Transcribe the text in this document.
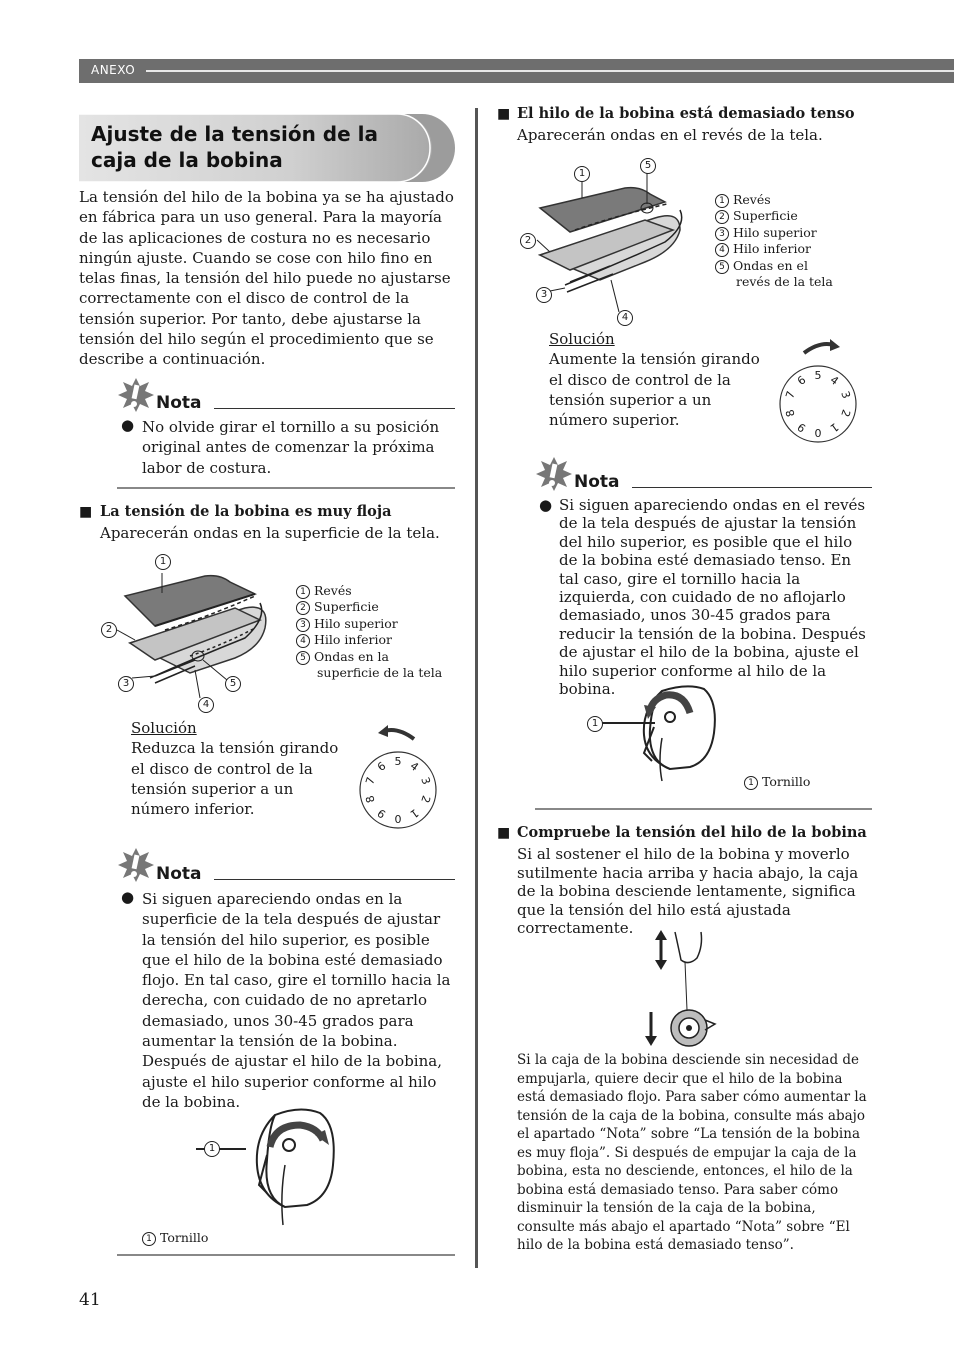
ANEXO
Ajuste de la tensión de la
caja de la bobina
La tensión del hilo de la bobina ya se ha ajustado en fábrica para un uso general. Para la mayoría de las aplicaciones de costura no es necesario ningún ajuste. Cuando se cose con hilo fino en telas finas, la tensión del hilo puede no ajustarse correctamente con el disco de control de la tensión superior. Por tanto, debe ajustarse la tensión del hilo según el procedimiento que se describe a continuación.
Nota
● No olvide girar el tornillo a su posición original antes de comenzar la próxima labor de costura.
■ La tensión de la bobina es muy floja
Aparecerán ondas en la superficie de la tela.
1
2
3
4
5
1 Revés
2 Superficie
3 Hilo superior
4 Hilo inferior
5 Ondas en la
superficie de la tela
Solución
Reduzca la tensión girando
el disco de control de la
tensión superior a un
número inferior.
5 4
3
2
1
0
9
8
7
6
Nota
● Si siguen apareciendo ondas en la superficie de la tela después de ajustar la tensión del hilo superior, es posible que el hilo de la bobina esté demasiado flojo. En tal caso, gire el tornillo hacia la derecha, con cuidado de no apretarlo demasiado, unos 30-45 grados para aumentar la tensión de la bobina. Después de ajustar el hilo de la bobina, ajuste el hilo superior conforme al hilo de la bobina.
1
1 Tornillo
41
■ El hilo de la bobina está demasiado tenso
Aparecerán ondas en el revés de la tela.
1
5
2
3
4
1 Revés
2 Superficie
3 Hilo superior
4 Hilo inferior
5 Ondas en el
revés de la tela
Solución
Aumente la tensión girando
el disco de control de la
tensión superior a un
número superior.
5 4
3
2
1
0
9
8
7
6
Nota
● Si siguen apareciendo ondas en el revés de la tela después de ajustar la tensión del hilo superior, es posible que el hilo de la bobina esté demasiado tenso. En tal caso, gire el tornillo hacia la izquierda, con cuidado de no aflojarlo demasiado, unos 30-45 grados para reducir la tensión de la bobina. Después de ajustar el hilo de la bobina, ajuste el hilo superior conforme al hilo de la bobina.
1
1 Tornillo
■ Compruebe la tensión del hilo de la bobina
Si al sostener el hilo de la bobina y moverlo sutilmente hacia arriba y hacia abajo, la caja de la bobina desciende lentamente, significa que la tensión del hilo está ajustada correctamente.
Si la caja de la bobina desciende sin necesidad de empujarla, quiere decir que el hilo de la bobina está demasiado flojo. Para saber cómo aumentar la tensión de la caja de la bobina, consulte más abajo el apartado “Nota” sobre “La tensión de la bobina es muy floja”. Si después de empujar la caja de la bobina, esta no desciende, entonces, el hilo de la bobina está demasiado tenso. Para saber cómo disminuir la tensión de la caja de la bobina, consulte más abajo el apartado “Nota” sobre “El hilo de la bobina está demasiado tenso”.
